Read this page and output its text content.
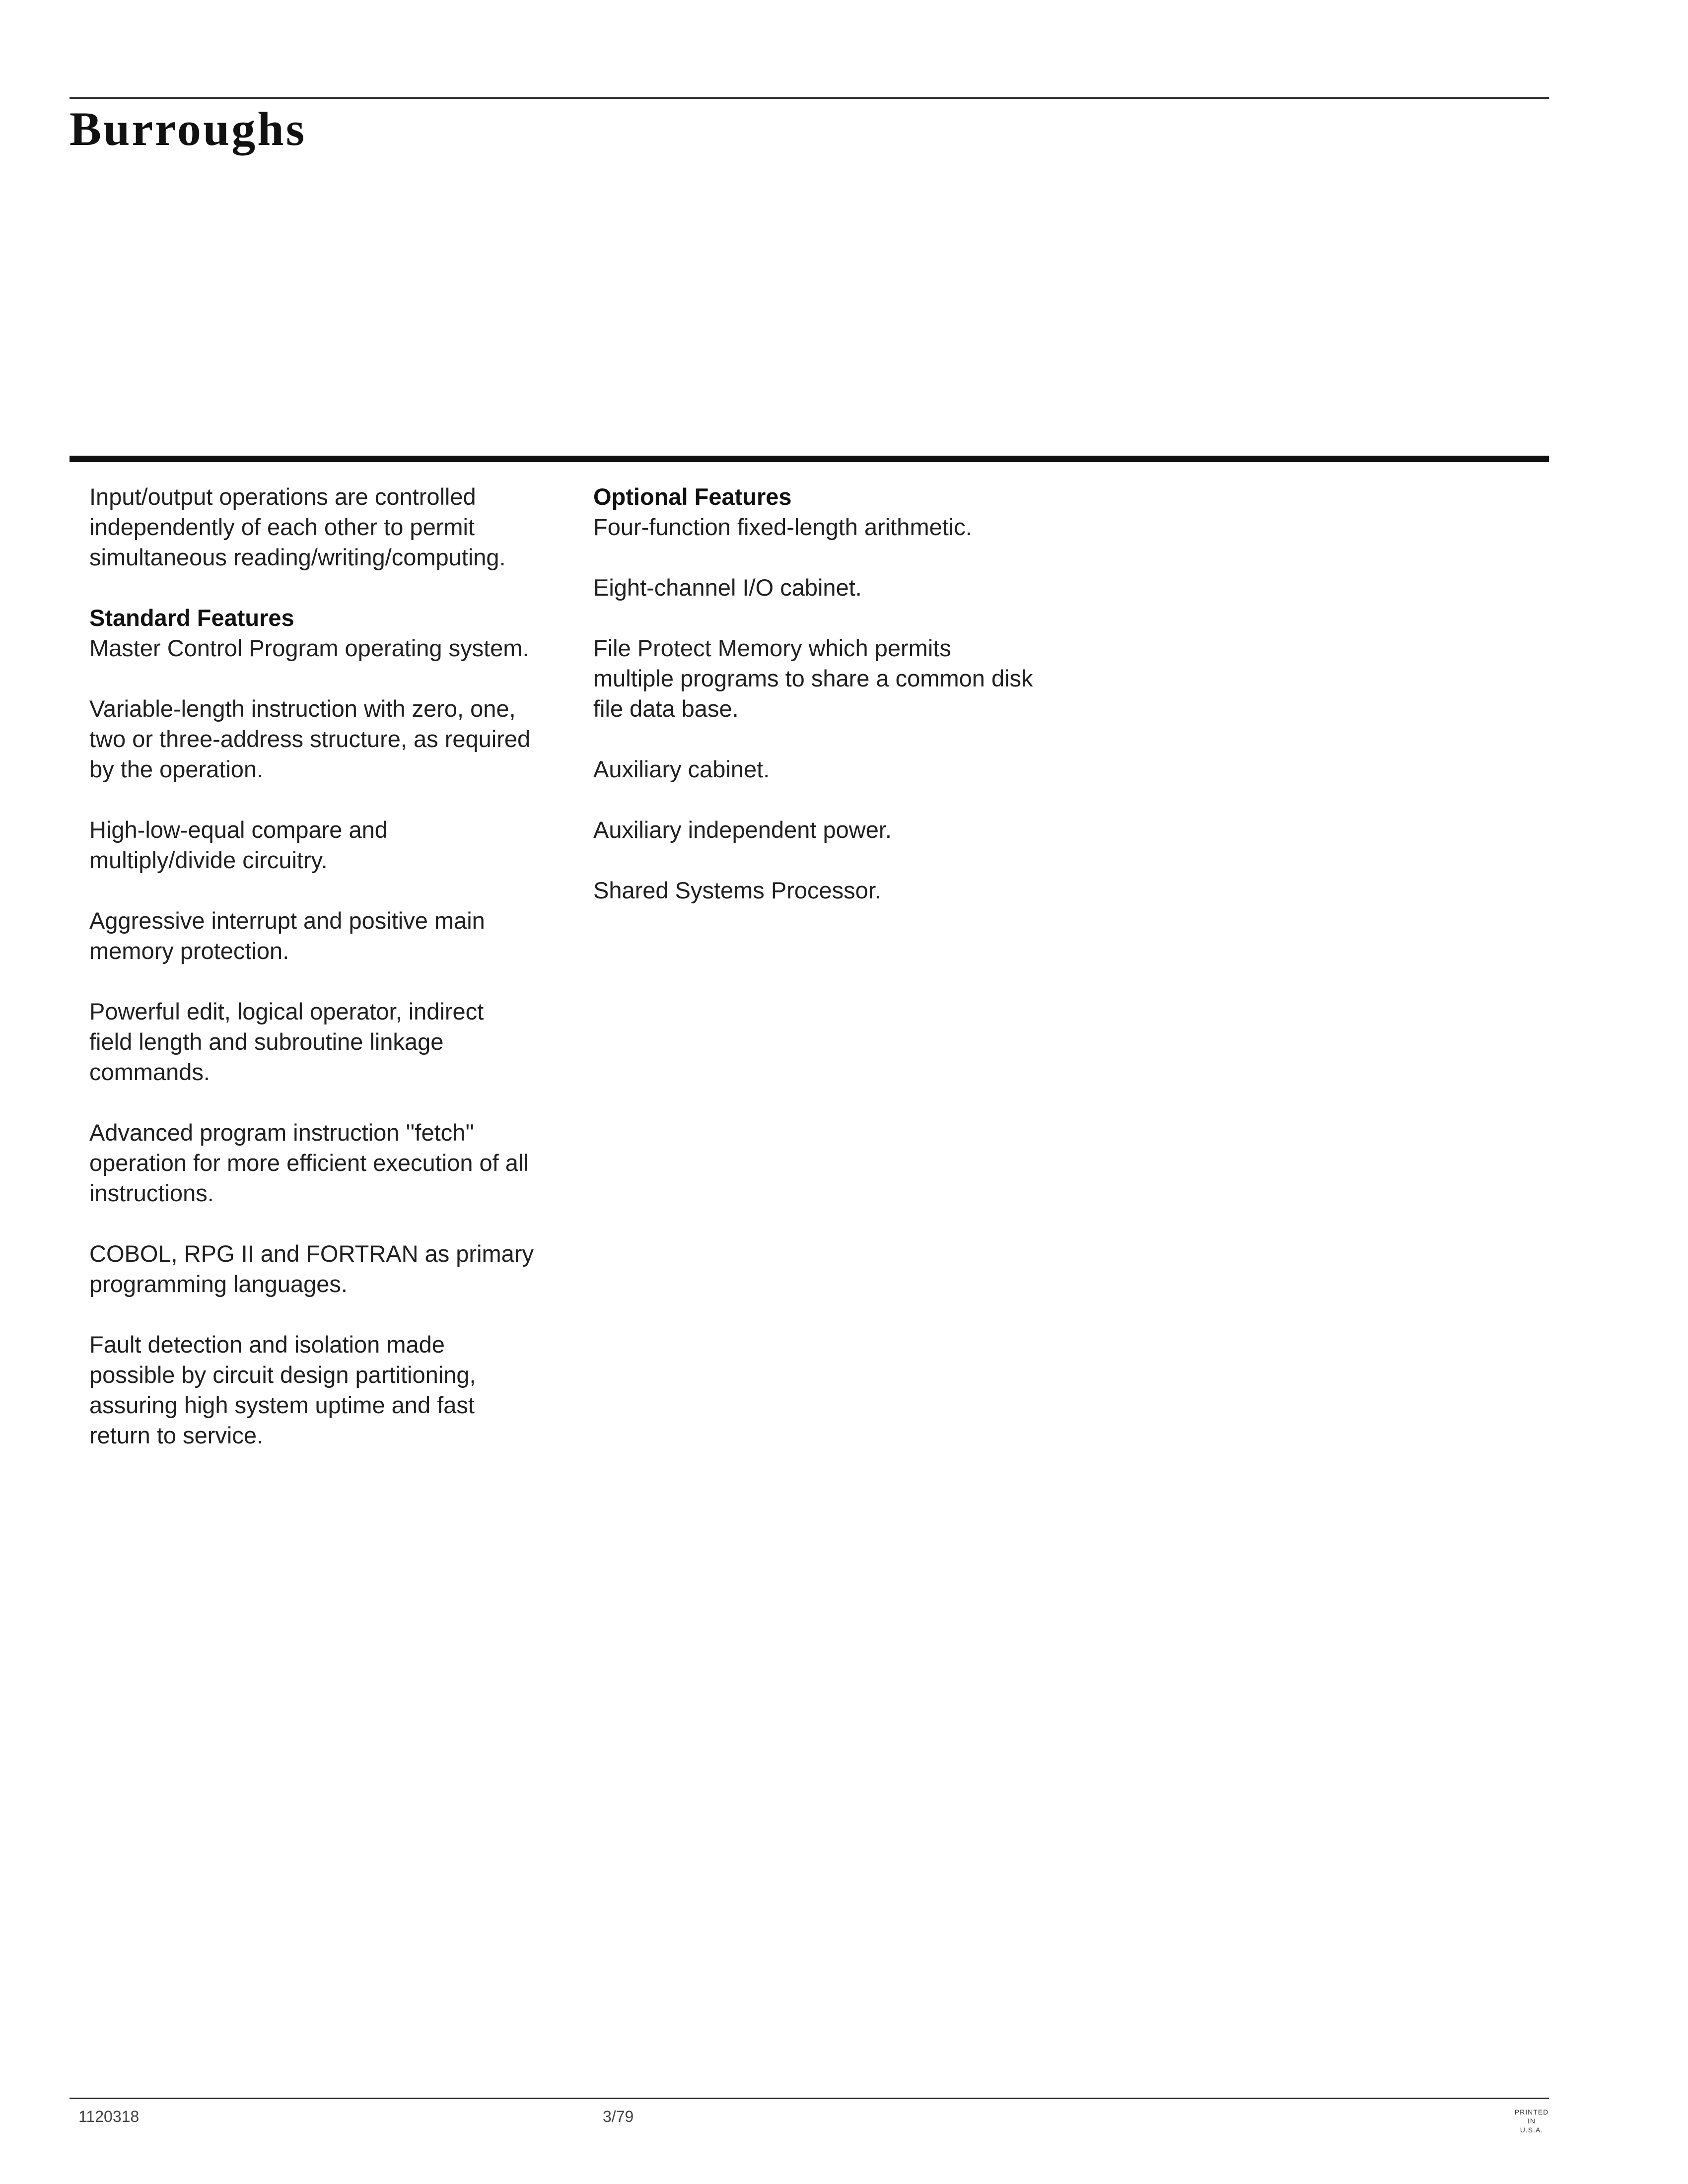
Burroughs

Input/output operations are controlled
independently of each other to permit
simultaneous reading/writing/computing.

Standard Features

Master Control Program operating system.

Variable-length instruction with zero, one,
two or three-address structure, as required
by the operation.

High-low-equal compare and
multiply/divide circuitry.

Aggressive interrupt and positive main
memory protection.

Powerful edit, logical operator, indirect
field length and subroutine linkage
commands.

Advanced program instruction ''fetch''
operation for more efficient execution of all
instructions.

COBOL, RPG II and FORTRAN as primary
programming languages.

Fault detection and isolation made
possible by circuit design partitioning,
assuring high system uptime and fast
return to service.

Optional Features

Four-function fixed-length arithmetic.

Eight-channel I/O cabinet.

File Protect Memory which permits
multiple programs to share a common disk
file data base.

Auxiliary cabinet.

Auxiliary independent power.

Shared Systems Processor.

1120318	3/79	PRINTED
IN
U.S.A.
